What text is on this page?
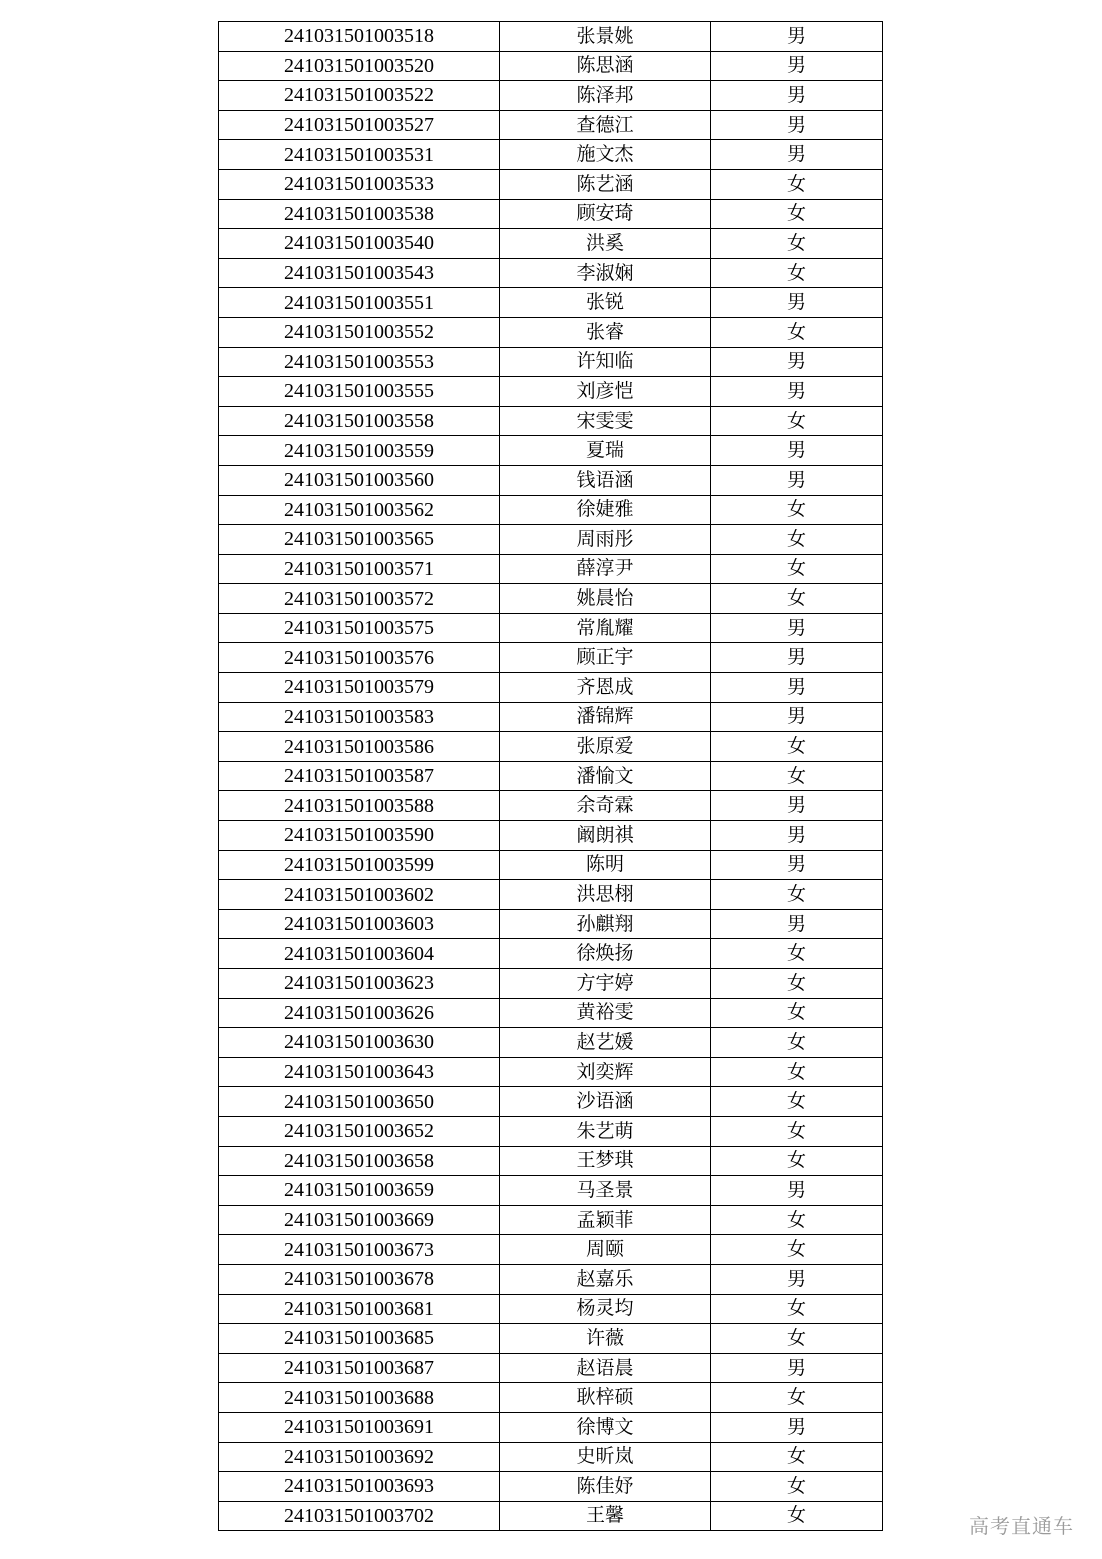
241031501003518	张景姚	男
241031501003520	陈思涵	男
241031501003522	陈泽邦	男
241031501003527	查德江	男
241031501003531	施文杰	男
241031501003533	陈艺涵	女
241031501003538	顾安琦	女
241031501003540	洪奚	女
241031501003543	李淑娴	女
241031501003551	张锐	男
241031501003552	张睿	女
241031501003553	许知临	男
241031501003555	刘彦恺	男
241031501003558	宋雯雯	女
241031501003559	夏瑞	男
241031501003560	钱语涵	男
241031501003562	徐婕雅	女
241031501003565	周雨彤	女
241031501003571	薛淳尹	女
241031501003572	姚晨怡	女
241031501003575	常胤耀	男
241031501003576	顾正宇	男
241031501003579	齐恩成	男
241031501003583	潘锦辉	男
241031501003586	张原爱	女
241031501003587	潘愉文	女
241031501003588	余奇霖	男
241031501003590	阚朗祺	男
241031501003599	陈明	男
241031501003602	洪思栩	女
241031501003603	孙麒翔	男
241031501003604	徐焕扬	女
241031501003623	方宇婷	女
241031501003626	黄裕雯	女
241031501003630	赵艺媛	女
241031501003643	刘奕辉	女
241031501003650	沙语涵	女
241031501003652	朱艺萌	女
241031501003658	王梦琪	女
241031501003659	马圣景	男
241031501003669	孟颖菲	女
241031501003673	周颐	女
241031501003678	赵嘉乐	男
241031501003681	杨灵均	女
241031501003685	许薇	女
241031501003687	赵语晨	男
241031501003688	耿梓硕	女
241031501003691	徐博文	男
241031501003692	史昕岚	女
241031501003693	陈佳妤	女
241031501003702	王馨	女	高考直通车
